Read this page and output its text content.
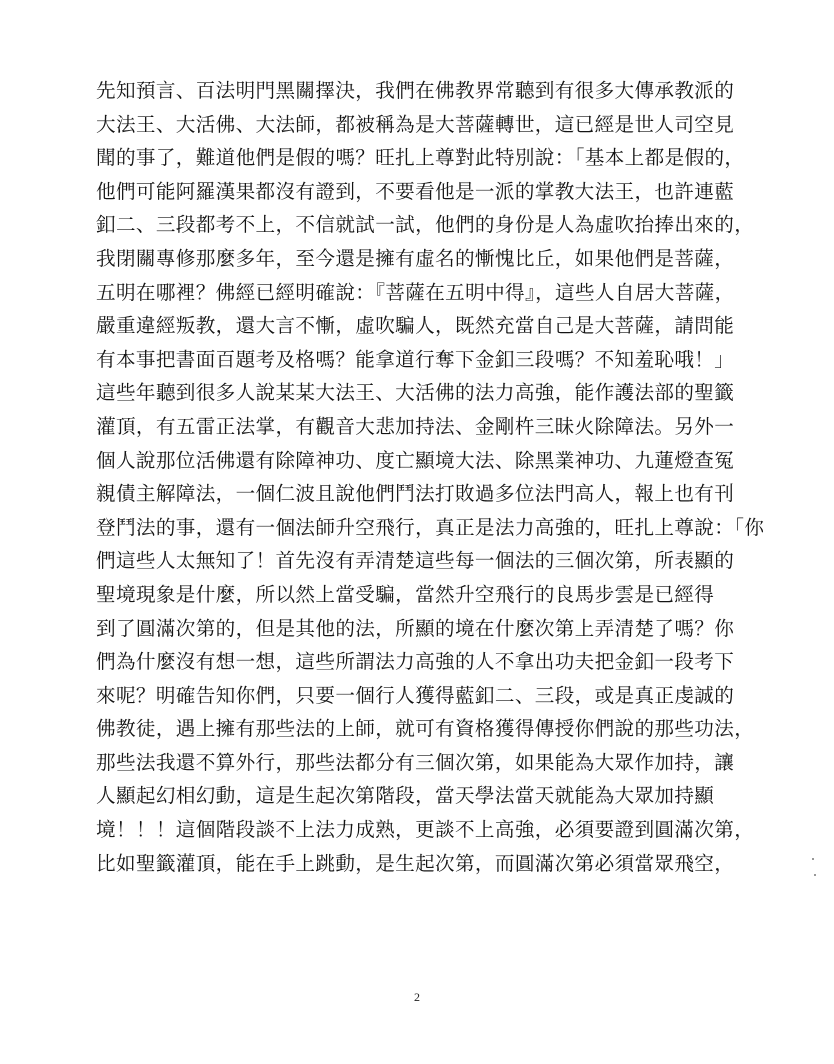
先知預言、百法明門黑關擇決，我們在佛教界常聽到有很多大傳承教派的
大法王、大活佛、大法師，都被稱為是大菩薩轉世，這已經是世人司空見
聞的事了，難道他們是假的嗎？旺扎上尊對此特別說：「基本上都是假的，
他們可能阿羅漢果都沒有證到，不要看他是一派的掌教大法王，也許連藍
釦二、三段都考不上，不信就試一試，他們的身份是人為虛吹抬捧出來的，
我閉關專修那麼多年，至今還是擁有虛名的慚愧比丘，如果他們是菩薩，
五明在哪裡？佛經已經明確說：『菩薩在五明中得』，這些人自居大菩薩，
嚴重違經叛教，還大言不慚，虛吹騙人，既然充當自己是大菩薩，請問能
有本事把書面百題考及格嗎？能拿道行奪下金釦三段嗎？不知羞恥哦！」
這些年聽到很多人說某某大法王、大活佛的法力高強，能作護法部的聖籤
灌頂，有五雷正法掌，有觀音大悲加持法、金剛杵三昧火除障法。另外一
個人說那位活佛還有除障神功、度亡顯境大法、除黑業神功、九蓮燈查冤
親債主解障法，一個仁波且說他們鬥法打敗過多位法門高人，報上也有刊
登鬥法的事，還有一個法師升空飛行，真正是法力高強的，旺扎上尊說：「你
們這些人太無知了！首先沒有弄清楚這些每一個法的三個次第，所表顯的
聖境現象是什麼，所以然上當受騙，當然升空飛行的良馬步雲是已經得
到了圓滿次第的，但是其他的法，所顯的境在什麼次第上弄清楚了嗎？你
們為什麼沒有想一想，這些所謂法力高強的人不拿出功夫把金釦一段考下
來呢？明確告知你們，只要一個行人獲得藍釦二、三段，或是真正虔誠的
佛教徒，遇上擁有那些法的上師，就可有資格獲得傳授你們說的那些功法，
那些法我還不算外行，那些法都分有三個次第，如果能為大眾作加持，讓
人顯起幻相幻動，這是生起次第階段，當天學法當天就能為大眾加持顯
境！！！這個階段談不上法力成熟，更談不上高強，必須要證到圓滿次第，
比如聖籤灌頂，能在手上跳動，是生起次第，而圓滿次第必須當眾飛空，
2
